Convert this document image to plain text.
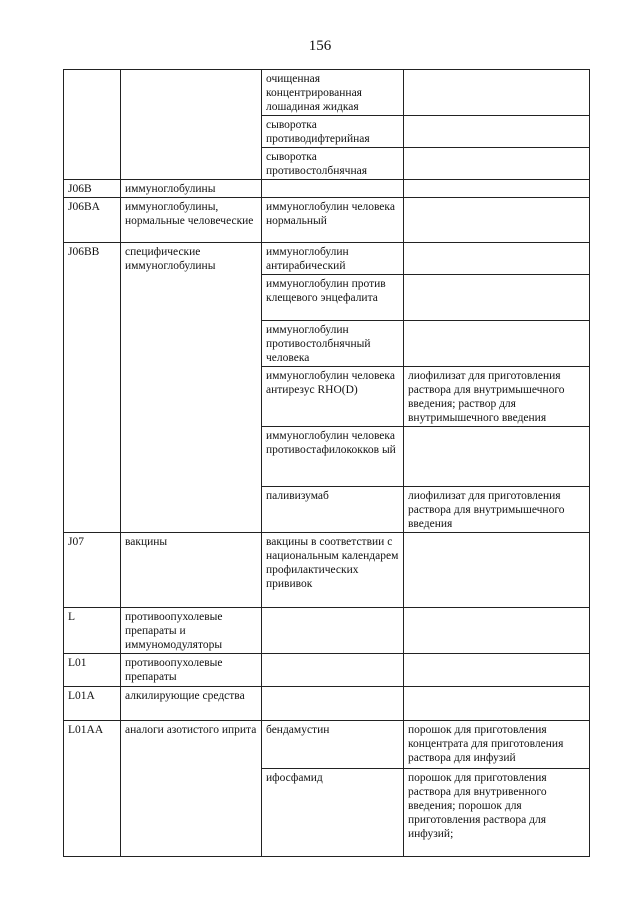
156
		очищенная концентрированная лошадиная жидкая	
		сыворотка противодифтерийная	
		сыворотка противостолбнячная	
J06B	иммуноглобулины		
J06BA	иммуноглобулины, нормальные человеческие	иммуноглобулин человека нормальный	
J06BB	специфические иммуноглобулины	иммуноглобулин антирабический	
		иммуноглобулин против клещевого энцефалита	
		иммуноглобулин противостолбнячный человека	
		иммуноглобулин человека антирезус RHO(D)	лиофилизат для приготовления раствора для внутримышечного введения; раствор для внутримышечного введения
		иммуноглобулин человека противостафилококков ый	
		паливизумаб	лиофилизат для приготовления раствора для внутримышечного введения
J07	вакцины	вакцины в соответствии с национальным календарем профилактических прививок	
L	противоопухолевые препараты и иммуномодуляторы		
L01	противоопухолевые препараты		
L01A	алкилирующие средства		
L01AA	аналоги азотистого иприта	бендамустин	порошок для приготовления концентрата для приготовления раствора для инфузий
		ифосфамид	порошок для приготовления раствора для внутривенного введения; порошок для приготовления раствора для инфузий;
